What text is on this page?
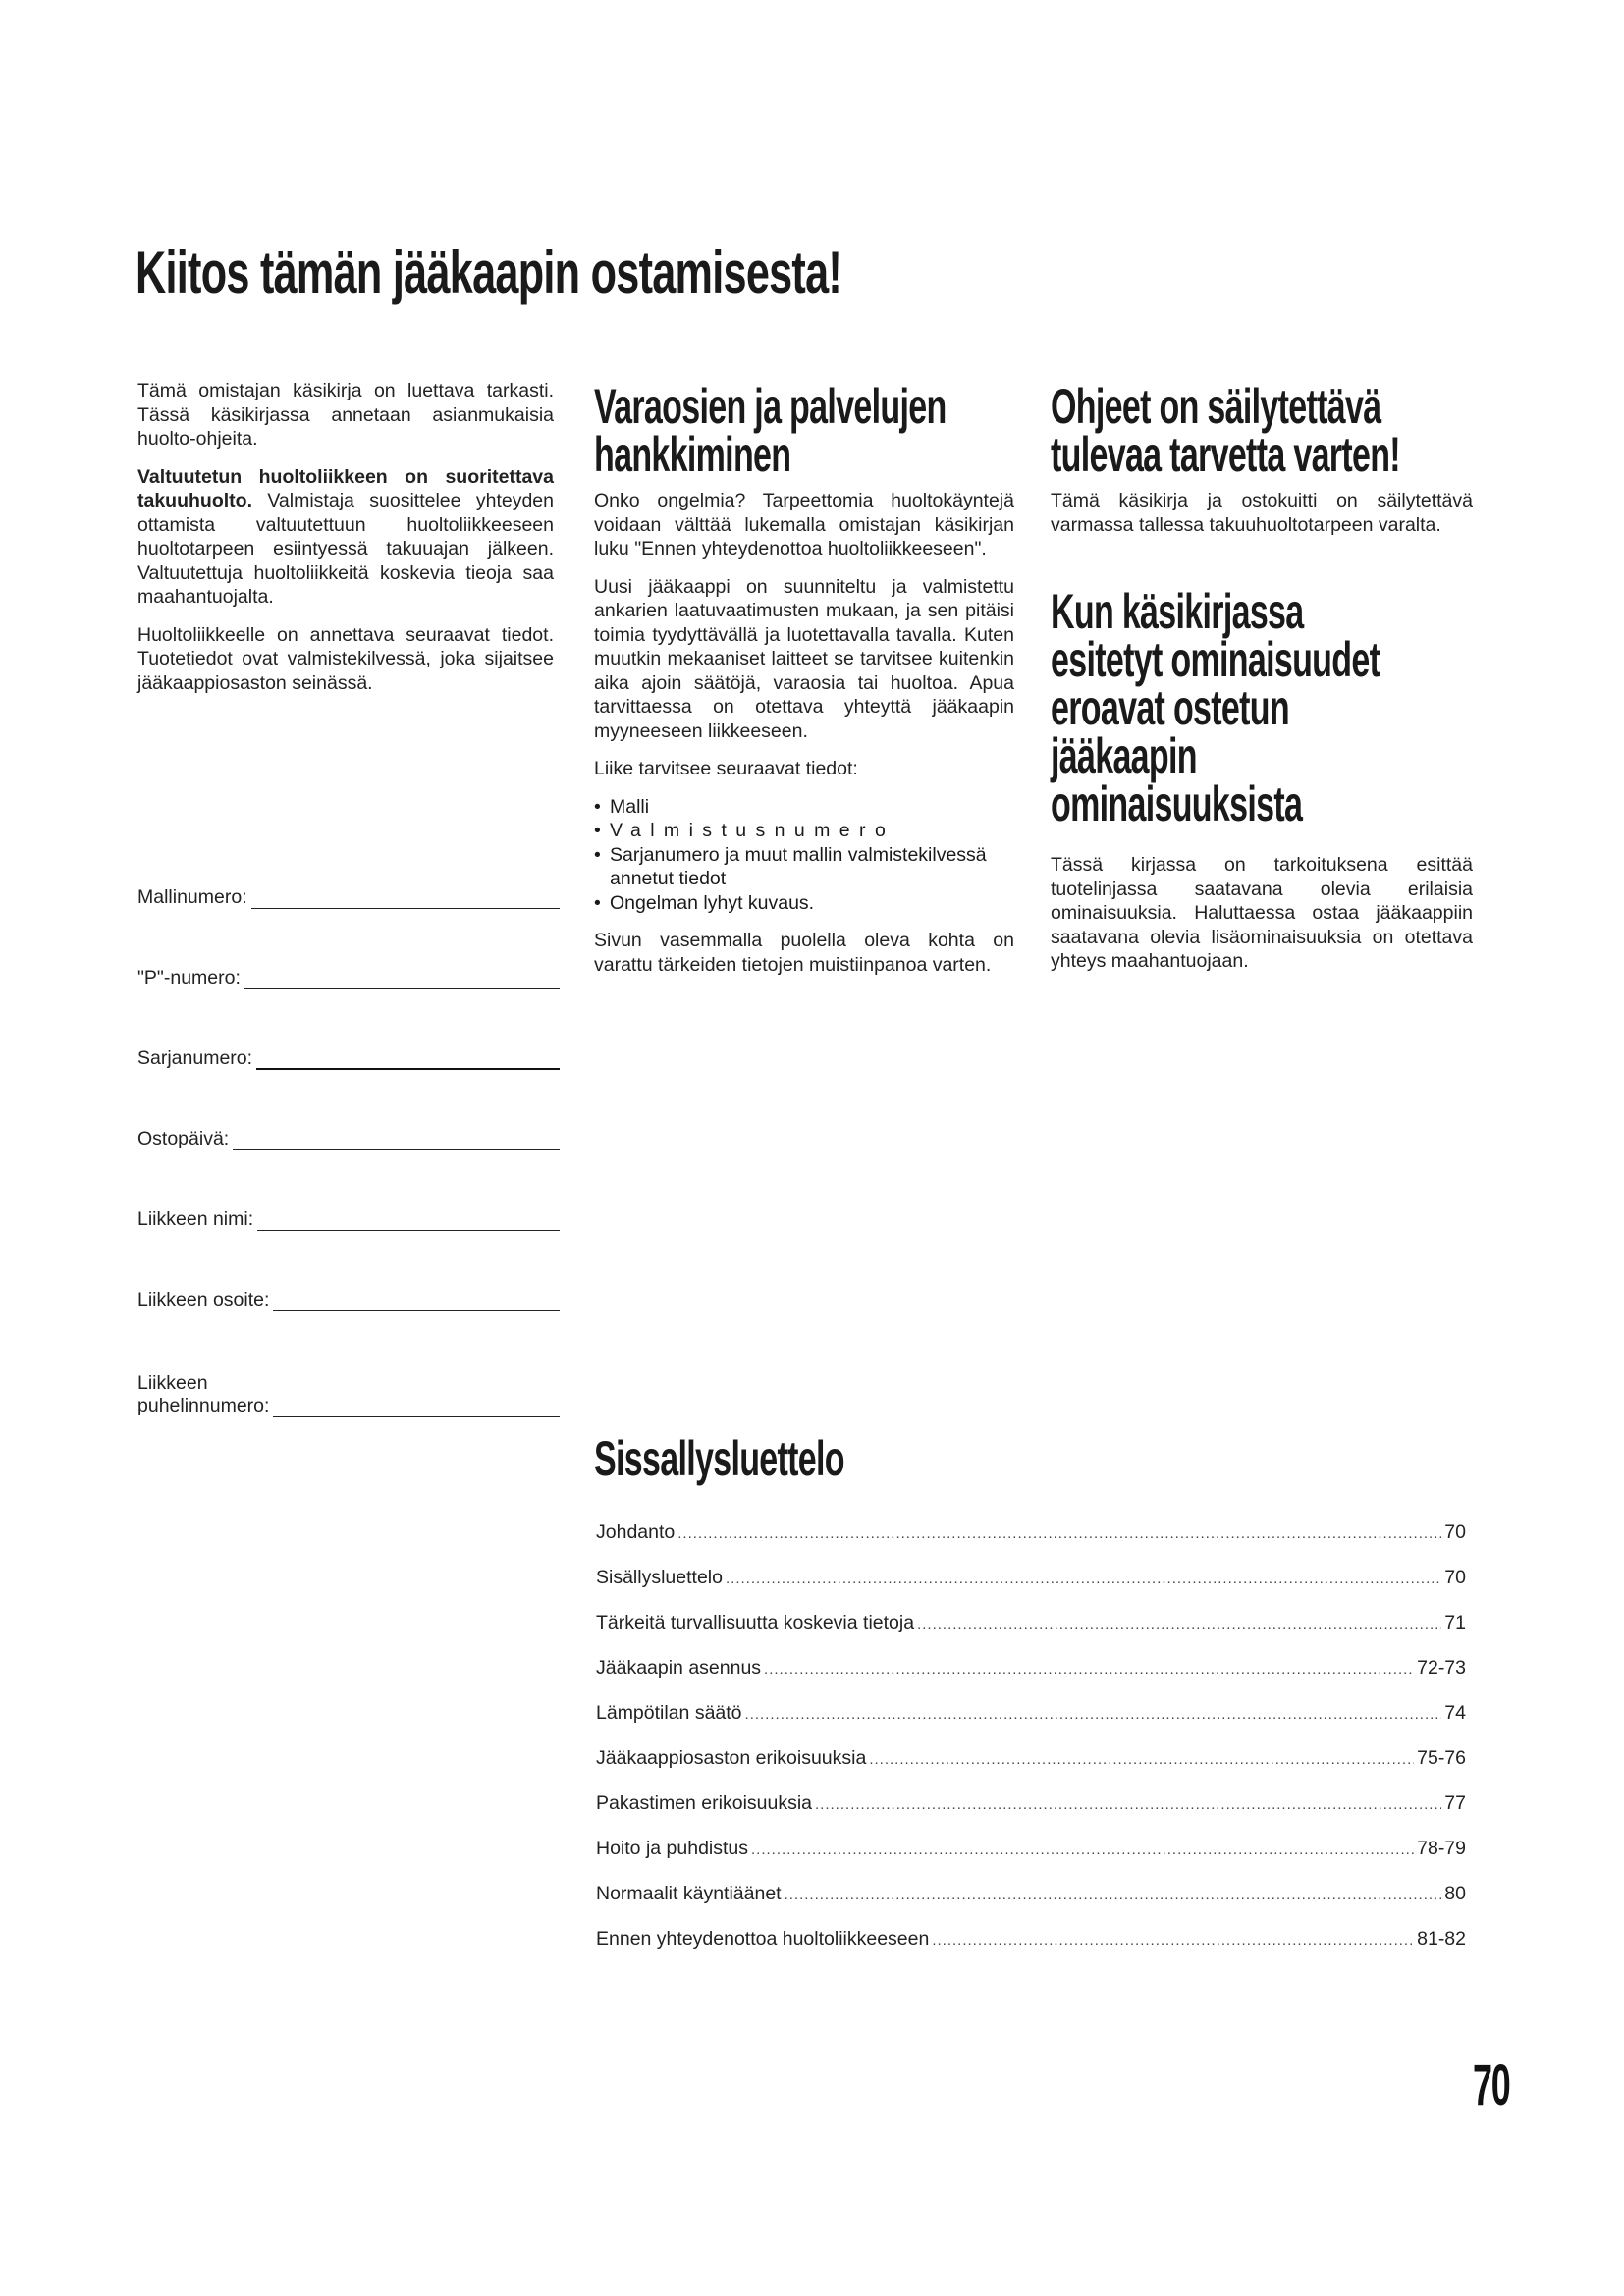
Kiitos tämän jääkaapin ostamisesta!

Tämä omistajan käsikirja on luettava tarkasti. Tässä käsikirjassa annetaan asianmukaisia huolto-ohjeita.

Valtuutetun huoltoliikkeen on suoritettava takuuhuolto. Valmistaja suosittelee yhteyden ottamista valtuutettuun huoltoliikkeeseen huoltotarpeen esiintyessä takuuajan jälkeen. Valtuutettuja huoltoliikkeitä koskevia tieoja saa maahantuojalta.

Huoltoliikkeelle on annettava seuraavat tiedot. Tuotetiedot ovat valmistekilvessä, joka sijaitsee jääkaappiosaston seinässä.

Mallinumero:
"P"-numero:
Sarjanumero:
Ostopäivä:
Liikkeen nimi:
Liikkeen osoite:
Liikkeen
puhelinnumero:
Varaosien ja palvelujen
hankkiminen

Onko ongelmia? Tarpeettomia huoltokäyntejä voidaan välttää lukemalla omistajan käsikirjan luku "Ennen yhteydenottoa huoltoliikkeeseen".

Uusi jääkaappi on suunniteltu ja valmistettu ankarien laatuvaatimusten mukaan, ja sen pitäisi toimia tyydyttävällä ja luotettavalla tavalla. Kuten muutkin mekaaniset laitteet se tarvitsee kuitenkin aika ajoin säätöjä, varaosia tai huoltoa. Apua tarvittaessa on otettava yhteyttä jääkaapin myyneeseen liikkeeseen.

Liike tarvitsee seuraavat tiedot:

• Malli
• Valmistusnumero
• Sarjanumero ja muut mallin valmistekilvessä annetut tiedot
• Ongelman lyhyt kuvaus.

Sivun vasemmalla puolella oleva kohta on varattu tärkeiden tietojen muistiinpanoa varten.

Ohjeet on säilytettävä
tulevaa tarvetta varten!

Tämä käsikirja ja ostokuitti on säilytettävä varmassa tallessa takuuhuoltotarpeen varalta.

Kun käsikirjassa
esitetyt ominaisuudet
eroavat ostetun
jääkaapin
ominaisuuksista

Tässä kirjassa on tarkoituksena esittää tuotelinjassa saatavana olevia erilaisia ominaisuuksia. Haluttaessa ostaa jääkaappiin saatavana olevia lisäominaisuuksia on otettava yhteys maahantuojaan.

Sissallysluettelo
Johdanto .....	70
Sisällysluettelo .....	70
Tärkeitä turvallisuutta koskevia tietoja .....	71
Jääkaapin asennus .....	72-73
Lämpötilan säätö .....	74
Jääkaappiosaston erikoisuuksia .....	75-76
Pakastimen erikoisuuksia .....	77
Hoito ja puhdistus .....	78-79
Normaalit käyntiäänet .....	80
Ennen yhteydenottoa huoltoliikkeeseen .....	81-82
70
